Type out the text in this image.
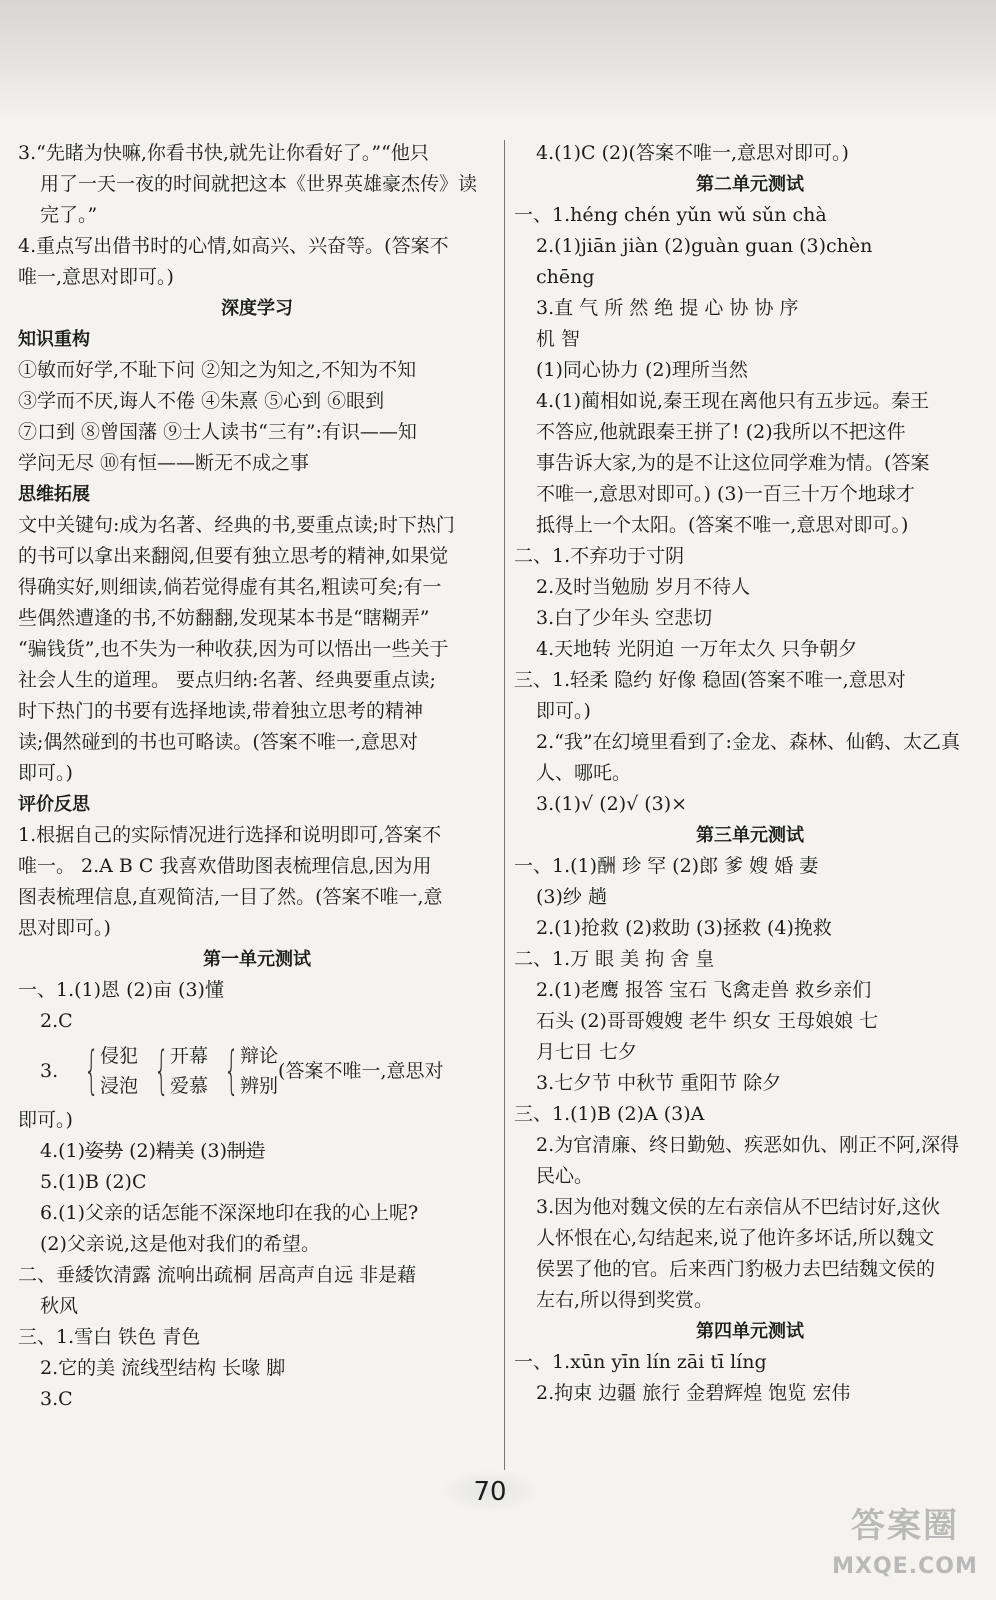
3.“先睹为快嘛,你看书快,就先让你看好了。”“他只
用了一天一夜的时间就把这本《世界英雄豪杰传》读
完了。”
4.重点写出借书时的心情,如高兴、兴奋等。(答案不
唯一,意思对即可。)
深度学习
知识重构
①敏而好学,不耻下问 ②知之为知之,不知为不知
③学而不厌,诲人不倦 ④朱熹 ⑤心到 ⑥眼到
⑦口到 ⑧曾国藩 ⑨士人读书“三有”:有识——知
学问无尽 ⑩有恒——断无不成之事
思维拓展
文中关键句:成为名著、经典的书,要重点读;时下热门
的书可以拿出来翻阅,但要有独立思考的精神,如果觉
得确实好,则细读,倘若觉得虚有其名,粗读可矣;有一
些偶然遭逢的书,不妨翻翻,发现某本书是“瞎糊弄”
“骗钱货”,也不失为一种收获,因为可以悟出一些关于
社会人生的道理。 要点归纳:名著、经典要重点读;
时下热门的书要有选择地读,带着独立思考的精神
读;偶然碰到的书也可略读。(答案不唯一,意思对
即可。)
评价反思
1.根据自己的实际情况进行选择和说明即可,答案不
唯一。 2.A B C 我喜欢借助图表梳理信息,因为用
图表梳理信息,直观简洁,一目了然。(答案不唯一,意
思对即可。)
第一单元测试
一、1.(1)恩 (2)亩 (3)懂
2.C
3. { 侵犯
浸泡 { 开幕
爱慕 { 辩论
辨别
(答案不唯一,意思对
即可。)
4.(1)姿势 (2)精美 (3)制造
5.(1)B (2)C
6.(1)父亲的话怎能不深深地印在我的心上呢?
(2)父亲说,这是他对我们的希望。
二、垂緌饮清露 流响出疏桐 居高声自远 非是藉
秋风
三、1.雪白 铁色 青色
2.它的美 流线型结构 长喙 脚
3.C
4.(1)C (2)(答案不唯一,意思对即可。)
第二单元测试
一、1.héng chén yǔn wǔ sǔn chà
2.(1)jiān jiàn (2)guàn guan (3)chèn
chēng
3.直 气 所 然 绝 提 心 协 协 序
机 智
(1)同心协力 (2)理所当然
4.(1)蔺相如说,秦王现在离他只有五步远。秦王
不答应,他就跟秦王拼了! (2)我所以不把这件
事告诉大家,为的是不让这位同学难为情。(答案
不唯一,意思对即可。) (3)一百三十万个地球才
抵得上一个太阳。(答案不唯一,意思对即可。)
二、1.不弃功于寸阴
2.及时当勉励 岁月不待人
3.白了少年头 空悲切
4.天地转 光阴迫 一万年太久 只争朝夕
三、1.轻柔 隐约 好像 稳固(答案不唯一,意思对
即可。)
2.“我”在幻境里看到了:金龙、森林、仙鹤、太乙真
人、哪吒。
3.(1)√ (2)√ (3)×
第三单元测试
一、1.(1)酬 珍 罕 (2)郎 爹 嫂 婚 妻
(3)纱 趟
2.(1)抢救 (2)救助 (3)拯救 (4)挽救
二、1.万 眼 美 拘 舍 皇
2.(1)老鹰 报答 宝石 飞禽走兽 救乡亲们
石头 (2)哥哥嫂嫂 老牛 织女 王母娘娘 七
月七日 七夕
3.七夕节 中秋节 重阳节 除夕
三、1.(1)B (2)A (3)A
2.为官清廉、终日勤勉、疾恶如仇、刚正不阿,深得
民心。
3.因为他对魏文侯的左右亲信从不巴结讨好,这伙
人怀恨在心,勾结起来,说了他许多坏话,所以魏文
侯罢了他的官。后来西门豹极力去巴结魏文侯的
左右,所以得到奖赏。
第四单元测试
一、1.xūn yīn lín zāi tī líng
2.拘束 边疆 旅行 金碧辉煌 饱览 宏伟
70
答案圈
MXQE.COM
